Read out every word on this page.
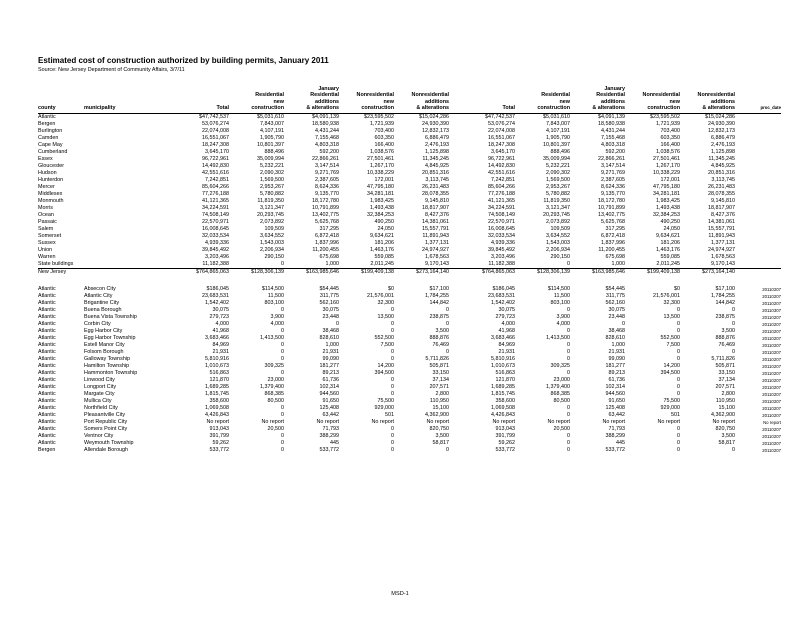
Estimated cost of construction authorized by building permits, January 2011
Source: New Jersey Department of Community Affairs, 3/7/11
county	municipality	Total	Residential
new
construction	January
Residential
additions
& alterations	Nonresidential
new
construction	Nonresidential
additions
& alterations	Total	Residential
new
construction	January
Residential
additions
& alterations	Nonresidential
new
construction	Nonresidential
additions
& alterations	proc_date
Atlantic		$47,742,537	$5,031,610	$4,091,139	$23,595,502	$15,024,286	$47,742,537	$5,031,610	$4,091,139	$23,595,502	$15,024,286	
Bergen		53,076,274	7,843,007	18,580,938	1,721,939	24,930,390	53,076,274	7,843,007	18,580,938	1,721,939	24,930,390	
Burlington		22,074,008	4,107,191	4,431,244	703,400	12,832,173	22,074,008	4,107,191	4,431,244	703,400	12,832,173	
Camden		16,551,067	1,905,790	7,155,468	603,350	6,886,479	16,551,067	1,905,790	7,155,468	603,350	6,886,479	
Cape May		18,247,308	10,801,397	4,803,318	166,400	2,476,193	18,247,308	10,801,397	4,803,318	166,400	2,476,193	
Cumberland		3,645,170	888,496	592,200	1,038,576	1,125,898	3,645,170	888,496	592,200	1,038,576	1,125,898	
Essex		96,722,961	35,009,994	22,866,261	27,501,461	11,345,245	96,722,961	35,009,994	22,866,261	27,501,461	11,345,245	
Gloucester		14,492,830	5,232,221	3,147,514	1,267,170	4,845,925	14,492,830	5,232,221	3,147,514	1,267,170	4,845,925	
Hudson		42,551,616	2,090,302	9,271,769	10,338,229	20,851,316	42,551,616	2,090,302	9,271,769	10,338,229	20,851,316	
Hunterdon		7,242,851	1,569,500	2,387,605	172,001	3,113,745	7,242,851	1,569,500	2,387,605	172,001	3,113,745	
Mercer		85,604,266	2,953,267	8,624,336	47,795,180	26,231,483	85,604,266	2,953,267	8,624,336	47,795,180	26,231,483	
Middlesex		77,276,188	5,780,882	9,135,770	34,281,181	28,078,355	77,276,188	5,780,882	9,135,770	34,281,181	28,078,355	
Monmouth		41,121,365	11,819,350	18,172,780	1,983,425	9,145,810	41,121,365	11,819,350	18,172,780	1,983,425	9,145,810	
Morris		34,224,591	3,121,347	10,791,899	1,493,438	18,817,907	34,224,591	3,121,347	10,791,899	1,493,438	18,817,907	
Ocean		74,508,149	20,293,745	13,402,775	32,384,253	8,427,376	74,508,149	20,293,745	13,402,775	32,384,253	8,427,376	
Passaic		22,570,971	2,073,892	5,625,768	490,250	14,381,061	22,570,971	2,073,892	5,625,768	490,250	14,381,061	
Salem		16,008,645	109,509	317,295	24,050	15,557,791	16,008,645	109,509	317,295	24,050	15,557,791	
Somerset		32,033,534	3,634,552	6,872,418	9,634,621	11,891,943	32,033,534	3,634,552	6,872,418	9,634,621	11,891,943	
Sussex		4,939,336	1,543,003	1,837,996	181,206	1,377,131	4,939,336	1,543,003	1,837,996	181,206	1,377,131	
Union		39,845,492	2,206,934	11,200,455	1,463,176	24,974,927	39,845,492	2,206,934	11,200,455	1,463,176	24,974,927	
Warren		3,203,496	290,150	675,698	559,085	1,678,563	3,203,496	290,150	675,698	559,085	1,678,563	
State buildings		11,182,388	0	1,000	2,011,245	9,170,143	11,182,388	0	1,000	2,011,245	9,170,143	
New Jersey		$764,865,063	$128,306,139	$163,985,646	$199,409,138	$273,164,140	$764,865,063	$128,306,139	$163,985,646	$199,409,138	$273,164,140	

Atlantic	Absecon City	$186,045	$114,500	$54,445	$0	$17,100	$186,045	$114,500	$54,445	$0	$17,100	20110207
Atlantic	Atlantic City	23,683,531	11,500	311,775	21,576,001	1,784,255	23,683,531	11,500	311,775	21,576,001	1,784,255	20110207
Atlantic	Brigantine City	1,542,402	803,100	562,160	32,300	144,842	1,542,402	803,100	562,160	32,300	144,842	20110207
Atlantic	Buena Borough	30,075	0	30,075	0	0	30,075	0	30,075	0	0	20110307
Atlantic	Buena Vista Township	279,723	3,900	23,448	13,500	238,875	279,723	3,900	23,448	13,500	238,875	20110207
Atlantic	Corbin City	4,000	4,000	0	0	0	4,000	4,000	0	0	0	20110207
Atlantic	Egg Harbor City	41,968	0	38,468	0	3,500	41,968	0	38,468	0	3,500	20110207
Atlantic	Egg Harbor Township	3,683,466	1,413,500	828,610	552,500	888,876	3,683,466	1,413,500	828,610	552,500	888,876	20110207
Atlantic	Estell Manor City	84,969	0	1,000	7,500	76,469	84,969	0	1,000	7,500	76,469	20110207
Atlantic	Folsom Borough	21,931	0	21,931	0	0	21,931	0	21,931	0	0	20110207
Atlantic	Galloway Township	5,810,916	0	99,090	0	5,711,826	5,810,916	0	99,090	0	5,711,826	20110207
Atlantic	Hamilton Township	1,010,673	309,325	181,277	14,200	505,871	1,010,673	309,325	181,277	14,200	505,871	20110207
Atlantic	Hammonton Township	516,863	0	89,213	394,500	33,150	516,863	0	89,213	394,500	33,150	20110207
Atlantic	Linwood City	121,870	23,000	61,736	0	37,134	121,870	23,000	61,736	0	37,134	20110207
Atlantic	Longport City	1,689,285	1,379,400	102,314	0	207,571	1,689,285	1,379,400	102,314	0	207,571	20110207
Atlantic	Margate City	1,815,745	868,385	944,560	0	2,800	1,815,745	868,385	944,560	0	2,800	20110207
Atlantic	Mullica City	358,600	80,500	91,650	75,500	110,950	358,600	80,500	91,650	75,500	110,950	20110207
Atlantic	Northfield City	1,069,508	0	125,408	929,000	15,100	1,069,508	0	125,408	929,000	15,100	20110207
Atlantic	Pleasantville City	4,426,843	0	63,442	501	4,362,900	4,426,843	0	63,442	501	4,362,900	20110207
Atlantic	Port Republic City	No report	No report	No report	No report	No report	No report	No report	No report	No report	No report	No report
Atlantic	Somers Point City	913,043	20,500	71,793	0	820,750	913,043	20,500	71,793	0	820,750	20110207
Atlantic	Ventnor City	391,799	0	388,299	0	3,500	391,799	0	388,299	0	3,500	20110207
Atlantic	Weymouth Township	59,262	0	445	0	58,817	59,262	0	445	0	58,817	20110207
Bergen	Allendale Borough	533,772	0	533,772	0	0	533,772	0	533,772	0	0	20110207
MSD-1
